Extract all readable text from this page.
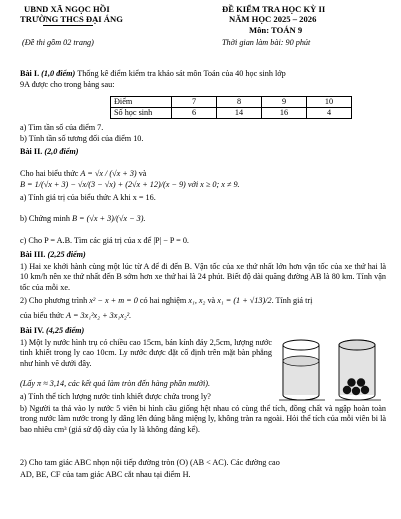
UBND XÃ NGỌC HỒI
TRƯỜNG THCS ĐẠI ÁNG
(Đề thi gồm 02 trang)
ĐỀ KIỂM TRA HỌC KỲ II
NĂM HỌC 2025 – 2026
Môn: TOÁN 9
Thời gian làm bài: 90 phút
Bài I. (1,0 điểm) Thống kê điểm kiểm tra khảo sát môn Toán của 40 học sinh lớp
9A được cho trong bảng sau:
Điểm	7	8	9	10
Số học sinh	6	14	16	4
a) Tìm tần số của điểm 7.
b) Tính tần số tương đối của điểm 10.
Bài II. (2,0 điểm)
Cho hai biểu thức A = √x / (√x + 3) và
B = 1/(√x + 3) − √x/(3 − √x) + (2√x + 12)/(x − 9) với x ≥ 0; x ≠ 9.
a) Tính giá trị của biểu thức A khi x = 16.
b) Chứng minh B = (√x + 3)/(√x − 3).
c) Cho P = A.B. Tìm các giá trị của x để |P| − P = 0.
Bài III. (2,25 điểm)
1) Hai xe khởi hành cùng một lúc từ A để đi đến B. Vận tốc của xe thứ nhất lớn hơn vận tốc của xe thứ hai là 10 km/h nên xe thứ nhất đến B sớm hơn xe thứ hai là 24 phút. Biết độ dài quãng đường AB là 80 km. Tính vận tốc của mỗi xe.
2) Cho phương trình x² − x + m = 0 có hai nghiệm x₁, x₂ và x₁ = (1 + √13)/2. Tính giá trị
của biểu thức A = 3x₁²x₂ + 3x₁x₂².
Bài IV. (4,25 điểm)
1) Một ly nước hình trụ có chiều cao 15cm, bán kính đáy 2,5cm, lượng nước tinh khiết trong ly cao 10cm. Ly nước được đặt cố định trên mặt bàn phẳng như hình vẽ dưới đây.
(Lấy π ≈ 3,14, các kết quả làm tròn đến hàng phần mười).
a) Tính thể tích lượng nước tinh khiết được chứa trong ly?
b) Người ta thả vào ly nước 5 viên bi hình cầu giống hệt nhau có cùng thể tích, đồng chất và ngập hoàn toàn trong nước làm nước trong ly dâng lên đúng bằng miệng ly, không tràn ra ngoài. Hỏi thể tích của mỗi viên bi là bao nhiêu cm³ (giả sử độ dày của ly là không đáng kể).
2) Cho tam giác ABC nhọn nội tiếp đường tròn (O) (AB < AC). Các đường cao
AD, BE, CF của tam giác ABC cắt nhau tại điểm H.
